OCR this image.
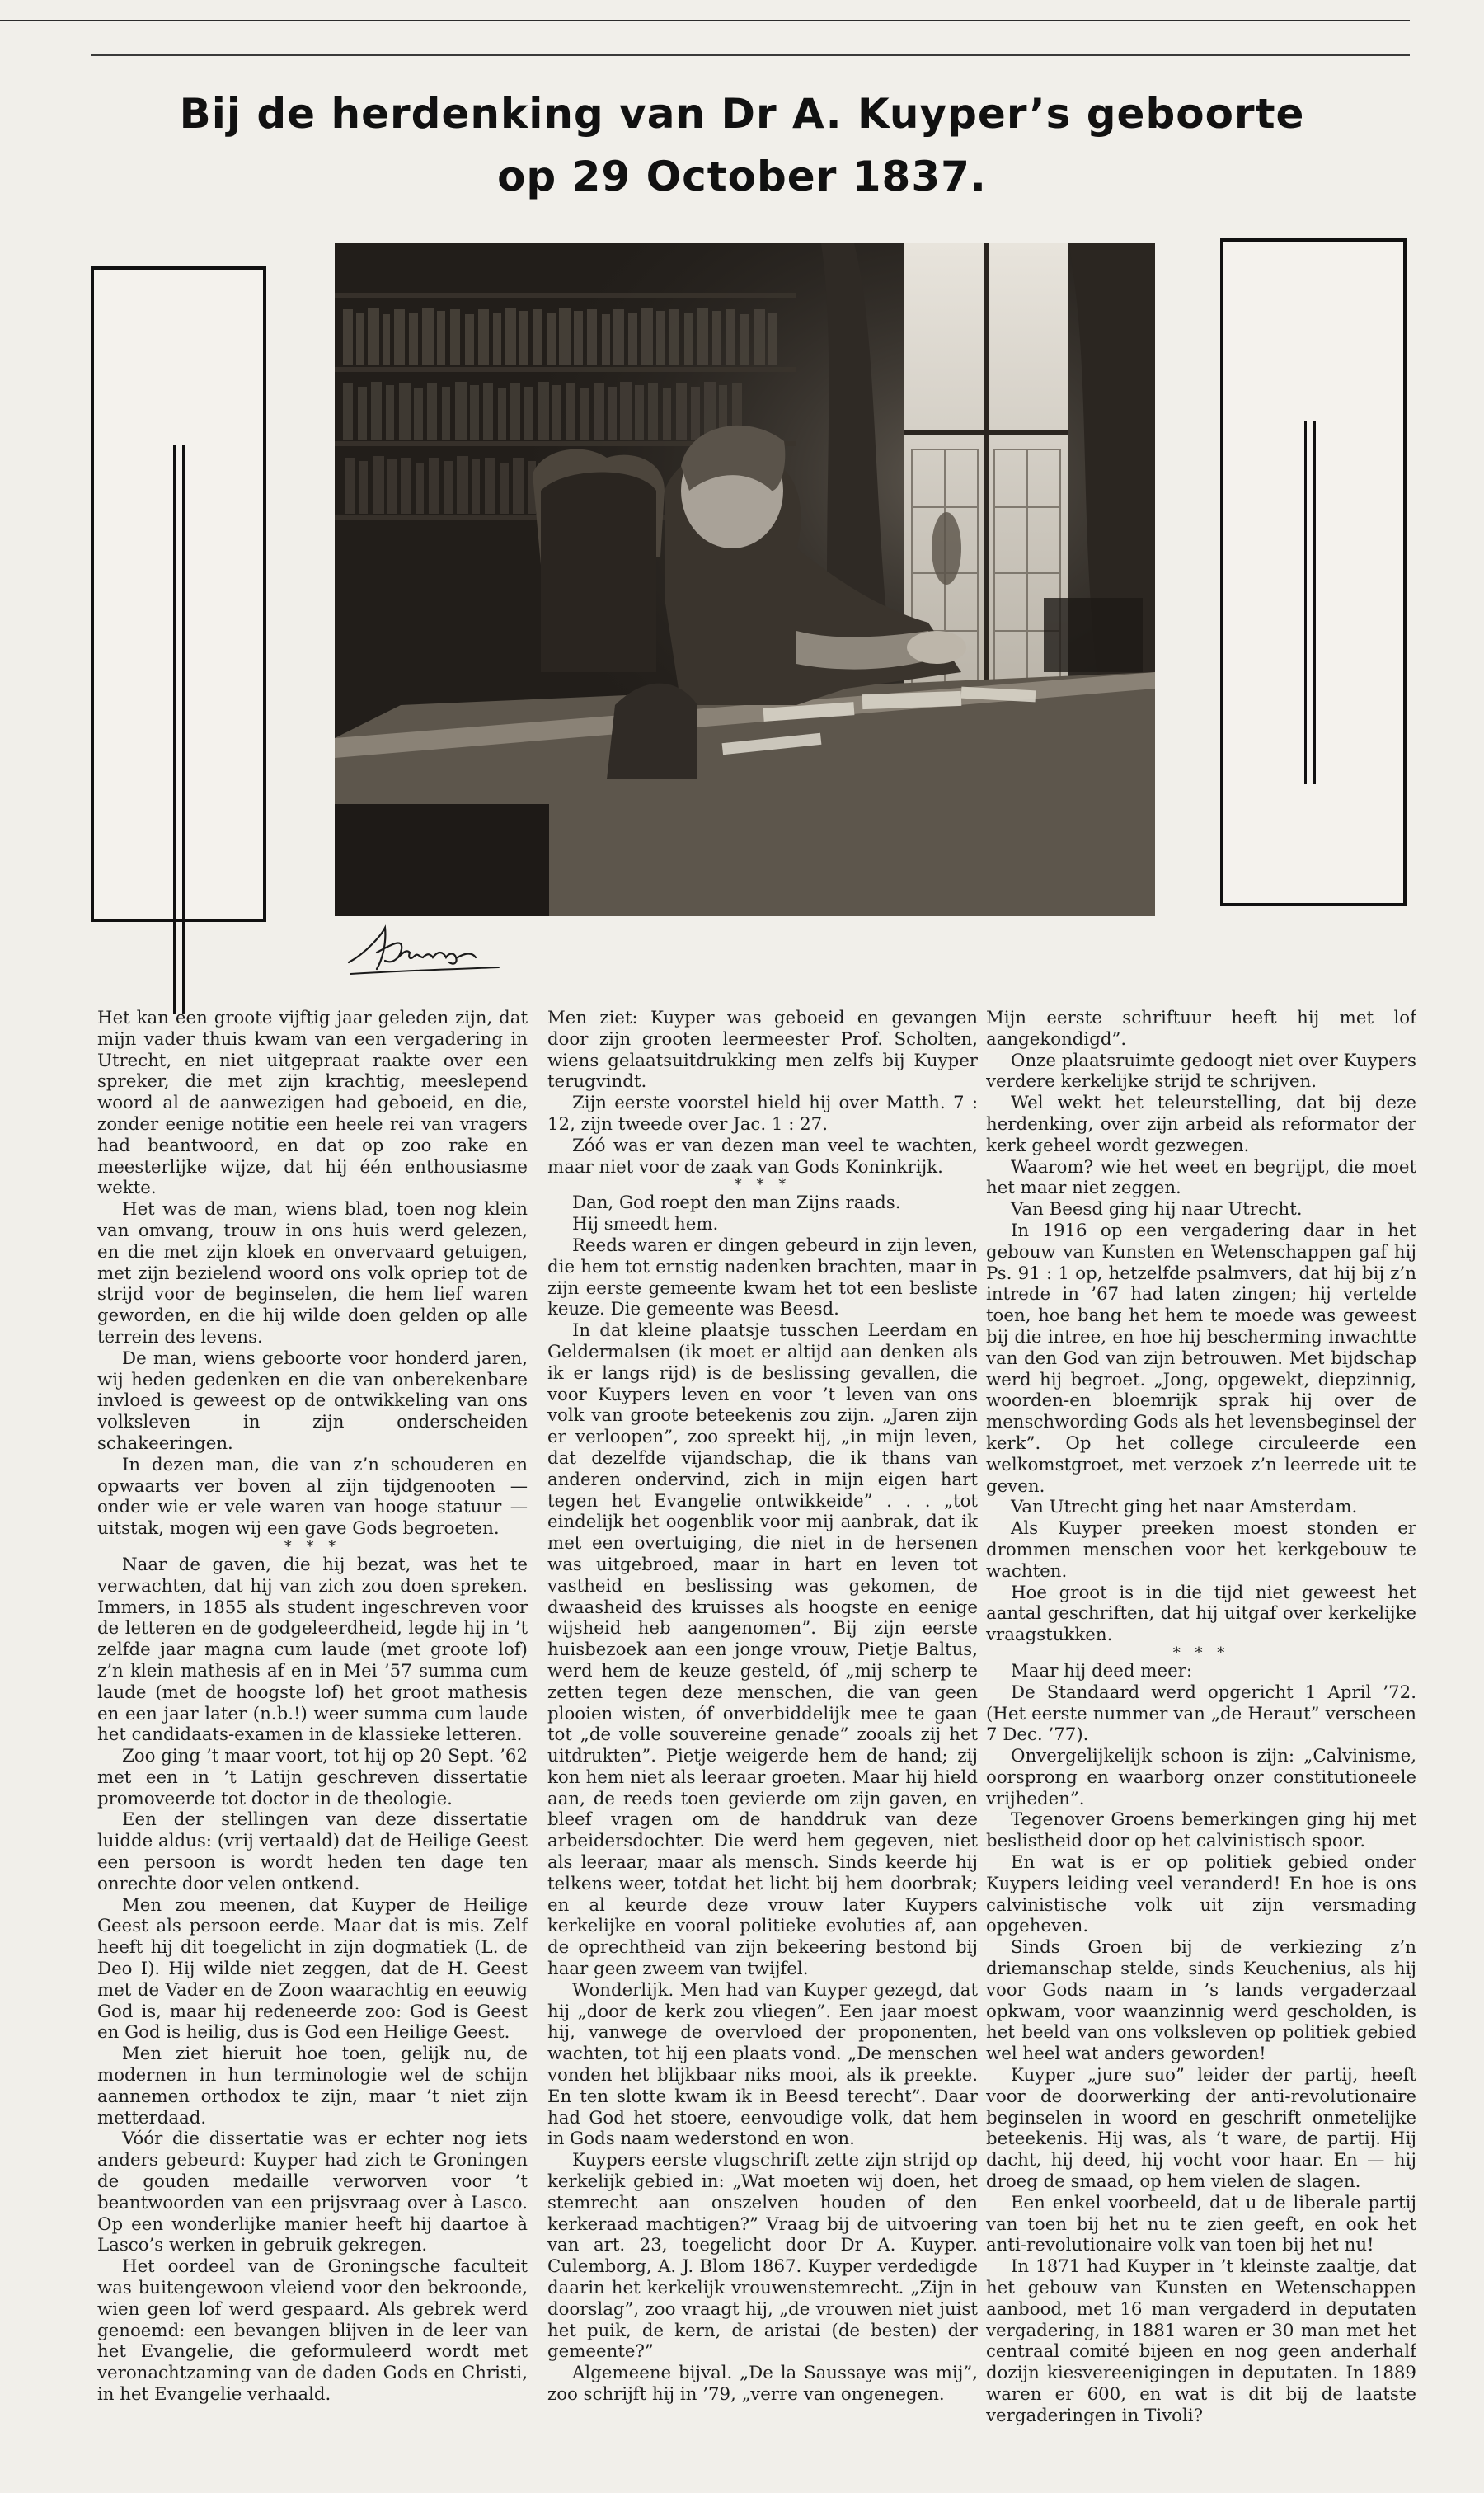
Bij de herdenking van Dr A. Kuyper’s geboorte
op 29 October 1837.

Het kan een groote vijftig jaar geleden zijn, dat mijn vader thuis kwam van een vergadering in Utrecht, en niet uitgepraat raakte over een spreker, die met zijn krachtig, meeslepend woord al de aanwezigen had geboeid, en die, zonder eenige notitie een heele rei van vragers had beantwoord, en dat op zoo rake en meesterlijke wijze, dat hij één enthousiasme wekte.

Het was de man, wiens blad, toen nog klein van omvang, trouw in ons huis werd gelezen, en die met zijn kloek en onvervaard getuigen, met zijn bezielend woord ons volk opriep tot de strijd voor de beginselen, die hem lief waren geworden, en die hij wilde doen gelden op alle terrein des levens.

De man, wiens geboorte voor honderd jaren, wij heden gedenken en die van onberekenbare invloed is geweest op de ontwikkeling van ons volksleven in zijn onderscheiden schakeeringen.

In dezen man, die van z’n schouderen en opwaarts ver boven al zijn tijdgenooten — onder wie er vele waren van hooge statuur — uitstak, mogen wij een gave Gods begroeten.

* * *

Naar de gaven, die hij bezat, was het te verwachten, dat hij van zich zou doen spreken. Immers, in 1855 als student ingeschreven voor de letteren en de godgeleerdheid, legde hij in ’t zelfde jaar magna cum laude (met groote lof) z’n klein mathesis af en in Mei ’57 summa cum laude (met de hoogste lof) het groot mathesis en een jaar later (n.b.!) weer summa cum laude het candidaats-examen in de klassieke letteren.

Zoo ging ’t maar voort, tot hij op 20 Sept. ’62 met een in ’t Latijn geschreven dissertatie promoveerde tot doctor in de theologie.

Een der stellingen van deze dissertatie luidde aldus: (vrij vertaald) dat de Heilige Geest een persoon is wordt heden ten dage ten onrechte door velen ontkend.

Men zou meenen, dat Kuyper de Heilige Geest als persoon eerde. Maar dat is mis. Zelf heeft hij dit toegelicht in zijn dogmatiek (L. de Deo I). Hij wilde niet zeggen, dat de H. Geest met de Vader en de Zoon waarachtig en eeuwig God is, maar hij redeneerde zoo: God is Geest en God is heilig, dus is God een Heilige Geest.

Men ziet hieruit hoe toen, gelijk nu, de modernen in hun terminologie wel de schijn aannemen orthodox te zijn, maar ’t niet zijn metterdaad.

Vóór die dissertatie was er echter nog iets anders gebeurd: Kuyper had zich te Groningen de gouden medaille verworven voor ’t beantwoorden van een prijsvraag over à Lasco. Op een wonderlijke manier heeft hij daartoe à Lasco’s werken in gebruik gekregen.

Het oordeel van de Groningsche faculteit was buitengewoon vleiend voor den bekroonde, wien geen lof werd gespaard. Als gebrek werd genoemd: een bevangen blijven in de leer van het Evangelie, die geformuleerd wordt met veronachtzaming van de daden Gods en Christi, in het Evangelie verhaald.

Men ziet: Kuyper was geboeid en gevangen door zijn grooten leermeester Prof. Scholten, wiens gelaatsuitdrukking men zelfs bij Kuyper terugvindt.

Zijn eerste voorstel hield hij over Matth. 7 : 12, zijn tweede over Jac. 1 : 27.

Zóó was er van dezen man veel te wachten, maar niet voor de zaak van Gods Koninkrijk.

* * *

Dan, God roept den man Zijns raads.

Hij smeedt hem.

Reeds waren er dingen gebeurd in zijn leven, die hem tot ernstig nadenken brachten, maar in zijn eerste gemeente kwam het tot een besliste keuze. Die gemeente was Beesd.

In dat kleine plaatsje tusschen Leerdam en Geldermalsen (ik moet er altijd aan denken als ik er langs rijd) is de beslissing gevallen, die voor Kuypers leven en voor ’t leven van ons volk van groote beteekenis zou zijn. „Jaren zijn er verloopen”, zoo spreekt hij, „in mijn leven, dat dezelfde vijandschap, die ik thans van anderen ondervind, zich in mijn eigen hart tegen het Evangelie ontwikkeide” . . . „tot eindelijk het oogenblik voor mij aanbrak, dat ik met een overtuiging, die niet in de hersenen was uitgebroed, maar in hart en leven tot vastheid en beslissing was gekomen, de dwaasheid des kruisses als hoogste en eenige wijsheid heb aangenomen”. Bij zijn eerste huisbezoek aan een jonge vrouw, Pietje Baltus, werd hem de keuze gesteld, óf „mij scherp te zetten tegen deze menschen, die van geen plooien wisten, óf onverbiddelijk mee te gaan tot „de volle souvereine genade” zooals zij het uitdrukten”. Pietje weigerde hem de hand; zij kon hem niet als leeraar groeten. Maar hij hield aan, de reeds toen gevierde om zijn gaven, en bleef vragen om de handdruk van deze arbeidersdochter. Die werd hem gegeven, niet als leeraar, maar als mensch. Sinds keerde hij telkens weer, totdat het licht bij hem doorbrak; en al keurde deze vrouw later Kuypers kerkelijke en vooral politieke evoluties af, aan de oprechtheid van zijn bekeering bestond bij haar geen zweem van twijfel.

Wonderlijk. Men had van Kuyper gezegd, dat hij „door de kerk zou vliegen”. Een jaar moest hij, vanwege de overvloed der proponenten, wachten, tot hij een plaats vond. „De menschen vonden het blijkbaar niks mooi, als ik preekte. En ten slotte kwam ik in Beesd terecht”. Daar had God het stoere, eenvoudige volk, dat hem in Gods naam wederstond en won.

Kuypers eerste vlugschrift zette zijn strijd op kerkelijk gebied in: „Wat moeten wij doen, het stemrecht aan onszelven houden of den kerkeraad machtigen?” Vraag bij de uitvoering van art. 23, toegelicht door Dr A. Kuyper. Culemborg, A. J. Blom 1867. Kuyper verdedigde daarin het kerkelijk vrouwenstemrecht. „Zijn in doorslag”, zoo vraagt hij, „de vrouwen niet juist het puik, de kern, de aristai (de besten) der gemeente?”

Algemeene bijval. „De la Saussaye was mij”, zoo schrijft hij in ’79, „verre van ongenegen.

Mijn eerste schriftuur heeft hij met lof aangekondigd”.

Onze plaatsruimte gedoogt niet over Kuypers verdere kerkelijke strijd te schrijven.

Wel wekt het teleurstelling, dat bij deze herdenking, over zijn arbeid als reformator der kerk geheel wordt gezwegen.

Waarom? wie het weet en begrijpt, die moet het maar niet zeggen.

Van Beesd ging hij naar Utrecht.

In 1916 op een vergadering daar in het gebouw van Kunsten en Wetenschappen gaf hij Ps. 91 : 1 op, hetzelfde psalmvers, dat hij bij z’n intrede in ’67 had laten zingen; hij vertelde toen, hoe bang het hem te moede was geweest bij die intree, en hoe hij bescherming inwachtte van den God van zijn betrouwen. Met bijdschap werd hij begroet. „Jong, opgewekt, diepzinnig, woorden-en bloemrijk sprak hij over de menschwording Gods als het levensbeginsel der kerk”. Op het college circuleerde een welkomstgroet, met verzoek z’n leerrede uit te geven.

Van Utrecht ging het naar Amsterdam.

Als Kuyper preeken moest stonden er drommen menschen voor het kerkgebouw te wachten.

Hoe groot is in die tijd niet geweest het aantal geschriften, dat hij uitgaf over kerkelijke vraagstukken.

* * *

Maar hij deed meer:

De Standaard werd opgericht 1 April ’72. (Het eerste nummer van „de Heraut” verscheen 7 Dec. ’77).

Onvergelijkelijk schoon is zijn: „Calvinisme, oorsprong en waarborg onzer constitutioneele vrijheden”.

Tegenover Groens bemerkingen ging hij met beslistheid door op het calvinistisch spoor.

En wat is er op politiek gebied onder Kuypers leiding veel veranderd! En hoe is ons calvinistische volk uit zijn versmading opgeheven.

Sinds Groen bij de verkiezing z’n driemanschap stelde, sinds Keuchenius, als hij voor Gods naam in ’s lands vergaderzaal opkwam, voor waanzinnig werd gescholden, is het beeld van ons volksleven op politiek gebied wel heel wat anders geworden!

Kuyper „jure suo” leider der partij, heeft voor de doorwerking der anti-revolutionaire beginselen in woord en geschrift onmetelijke beteekenis. Hij was, als ’t ware, de partij. Hij dacht, hij deed, hij vocht voor haar. En — hij droeg de smaad, op hem vielen de slagen.

Een enkel voorbeeld, dat u de liberale partij van toen bij het nu te zien geeft, en ook het anti-revolutionaire volk van toen bij het nu!

In 1871 had Kuyper in ’t kleinste zaaltje, dat het gebouw van Kunsten en Wetenschappen aanbood, met 16 man vergaderd in deputaten vergadering, in 1881 waren er 30 man met het centraal comité bijeen en nog geen anderhalf dozijn kiesvereenigingen in deputaten. In 1889 waren er 600, en wat is dit bij de laatste vergaderingen in Tivoli?
